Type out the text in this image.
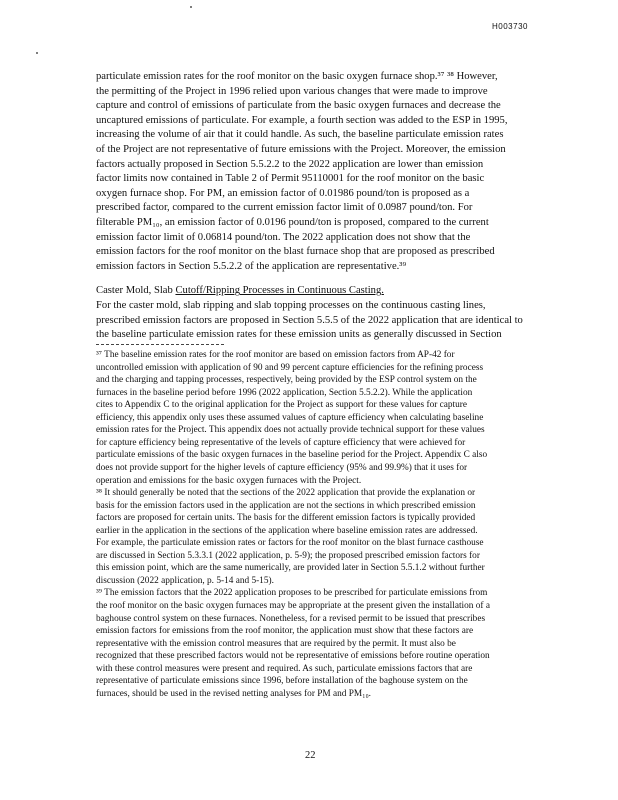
H003730
particulate emission rates for the roof monitor on the basic oxygen furnace shop.³⁷ ³⁸ However,
the permitting of the Project in 1996 relied upon various changes that were made to improve
capture and control of emissions of particulate from the basic oxygen furnaces and decrease the
uncaptured emissions of particulate. For example, a fourth section was added to the ESP in 1995,
increasing the volume of air that it could handle. As such, the baseline particulate emission rates
of the Project are not representative of future emissions with the Project. Moreover, the emission
factors actually proposed in Section 5.5.2.2 to the 2022 application are lower than emission
factor limits now contained in Table 2 of Permit 95110001 for the roof monitor on the basic
oxygen furnace shop. For PM, an emission factor of 0.01986 pound/ton is proposed as a
prescribed factor, compared to the current emission factor limit of 0.0987 pound/ton. For
filterable PM₁₀, an emission factor of 0.0196 pound/ton is proposed, compared to the current
emission factor limit of 0.06814 pound/ton. The 2022 application does not show that the
emission factors for the roof monitor on the blast furnace shop that are proposed as prescribed
emission factors in Section 5.5.2.2 of the application are representative.³⁹
Caster Mold, Slab Cutoff/Ripping Processes in Continuous Casting.
For the caster mold, slab ripping and slab topping processes on the continuous casting lines,
prescribed emission factors are proposed in Section 5.5.5 of the 2022 application that are identical to
the baseline particulate emission rates for these emission units as generally discussed in Section
³⁷ The baseline emission rates for the roof monitor are based on emission factors from AP-42 for
uncontrolled emission with application of 90 and 99 percent capture efficiencies for the refining process
and the charging and tapping processes, respectively, being provided by the ESP control system on the
furnaces in the baseline period before 1996 (2022 application, Section 5.5.2.2). While the application
cites to Appendix C to the original application for the Project as support for these values for capture
efficiency, this appendix only uses these assumed values of capture efficiency when calculating baseline
emission rates for the Project. This appendix does not actually provide technical support for these values
for capture efficiency being representative of the levels of capture efficiency that were achieved for
particulate emissions of the basic oxygen furnaces in the baseline period for the Project. Appendix C also
does not provide support for the higher levels of capture efficiency (95% and 99.9%) that it uses for
operation and emissions for the basic oxygen furnaces with the Project.
³⁸ It should generally be noted that the sections of the 2022 application that provide the explanation or
basis for the emission factors used in the application are not the sections in which prescribed emission
factors are proposed for certain units. The basis for the different emission factors is typically provided
earlier in the application in the sections of the application where baseline emission rates are addressed.
For example, the particulate emission rates or factors for the roof monitor on the blast furnace casthouse
are discussed in Section 5.3.3.1 (2022 application, p. 5-9); the proposed prescribed emission factors for
this emission point, which are the same numerically, are provided later in Section 5.5.1.2 without further
discussion (2022 application, p. 5-14 and 5-15).
³⁹ The emission factors that the 2022 application proposes to be prescribed for particulate emissions from
the roof monitor on the basic oxygen furnaces may be appropriate at the present given the installation of a
baghouse control system on these furnaces. Nonetheless, for a revised permit to be issued that prescribes
emission factors for emissions from the roof monitor, the application must show that these factors are
representative with the emission control measures that are required by the permit. It must also be
recognized that these prescribed factors would not be representative of emissions before routine operation
with these control measures were present and required. As such, particulate emissions factors that are
representative of particulate emissions since 1996, before installation of the baghouse system on the
furnaces, should be used in the revised netting analyses for PM and PM₁₀.
22
